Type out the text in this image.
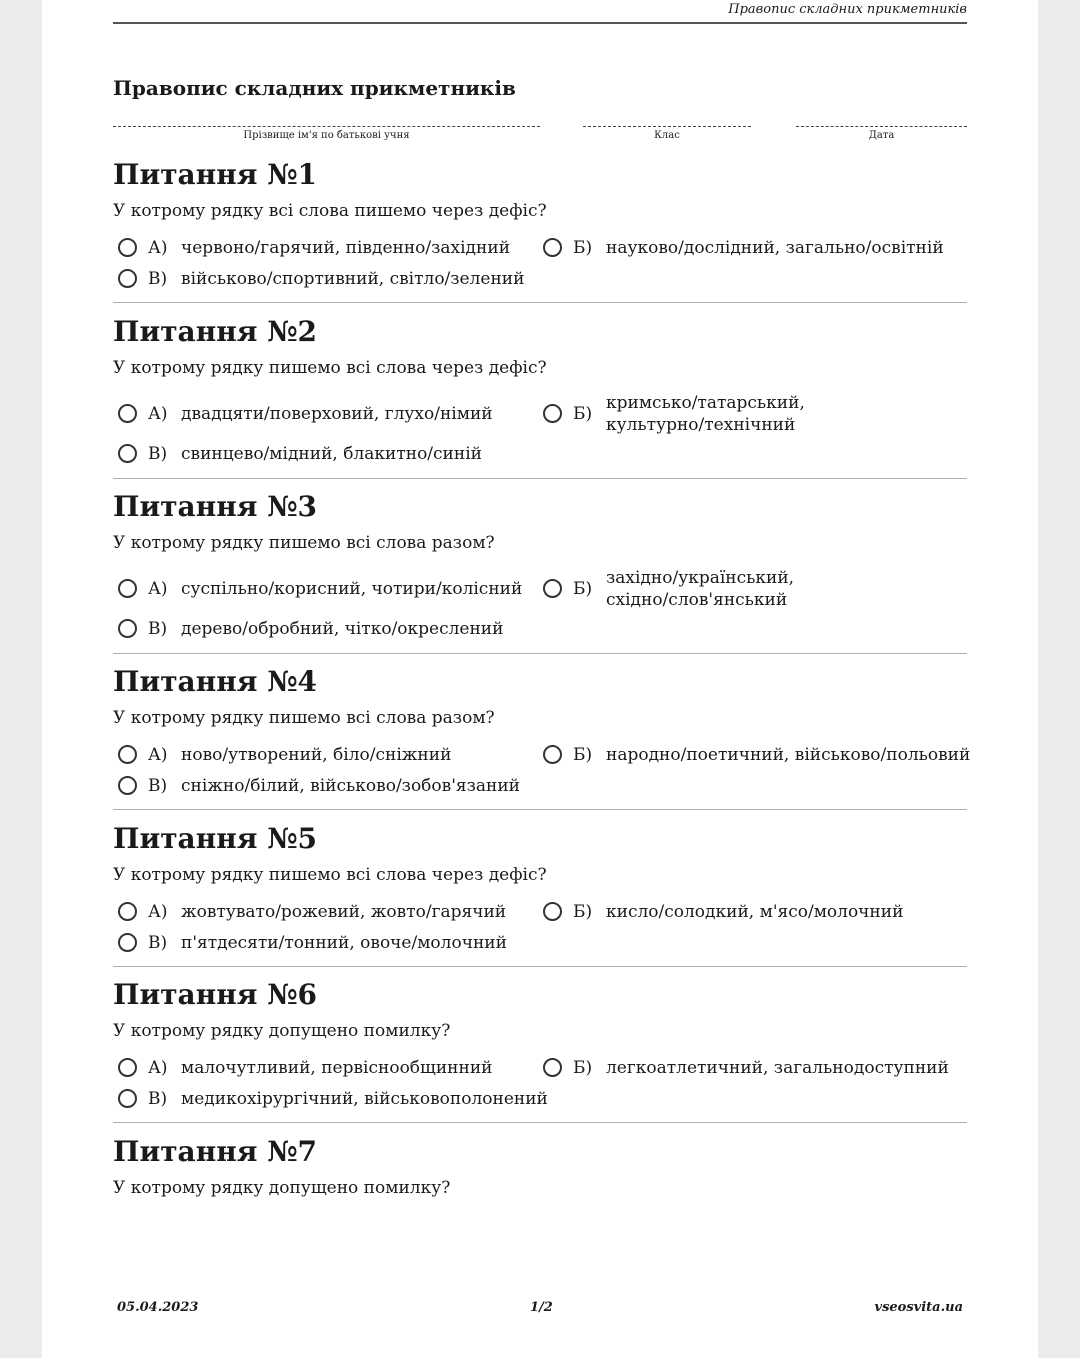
Правопис складних прикметників
Правопис складних прикметників
Прізвище ім'я по батькові учня	Клас	Дата
Питання №1
У котрому рядку всі слова пишемо через дефіс?
А) червоно/гарячий, південно/західний	Б) науково/дослідний, загально/освітній
В) військово/спортивний, світло/зелений
Питання №2
У котрому рядку пишемо всі слова через дефіс?
А) двадцяти/поверховий, глухо/німий	Б)
кримсько/татарський, культурно/технічний
В) свинцево/мідний, блакитно/синій
Питання №3
У котрому рядку пишемо всі слова разом?
А) суспільно/корисний, чотири/колісний	Б)
західно/український, східно/слов'янський
В) дерево/обробний, чітко/окреслений
Питання №4
У котрому рядку пишемо всі слова разом?
А) ново/утворений, біло/сніжний	Б) народно/поетичний, військово/польовий
В) сніжно/білий, військово/зобов'язаний
Питання №5
У котрому рядку пишемо всі слова через дефіс?
А) жовтувато/рожевий, жовто/гарячий	Б) кисло/солодкий, м'ясо/молочний
В) п'ятдесяти/тонний, овоче/молочний
Питання №6
У котрому рядку допущено помилку?
А) малочутливий, первіснообщинний	Б) легкоатлетичний, загальнодоступний
В) медикохірургічний, військовополонений
Питання №7
У котрому рядку допущено помилку?
05.04.2023	1/2	vseosvita.ua
